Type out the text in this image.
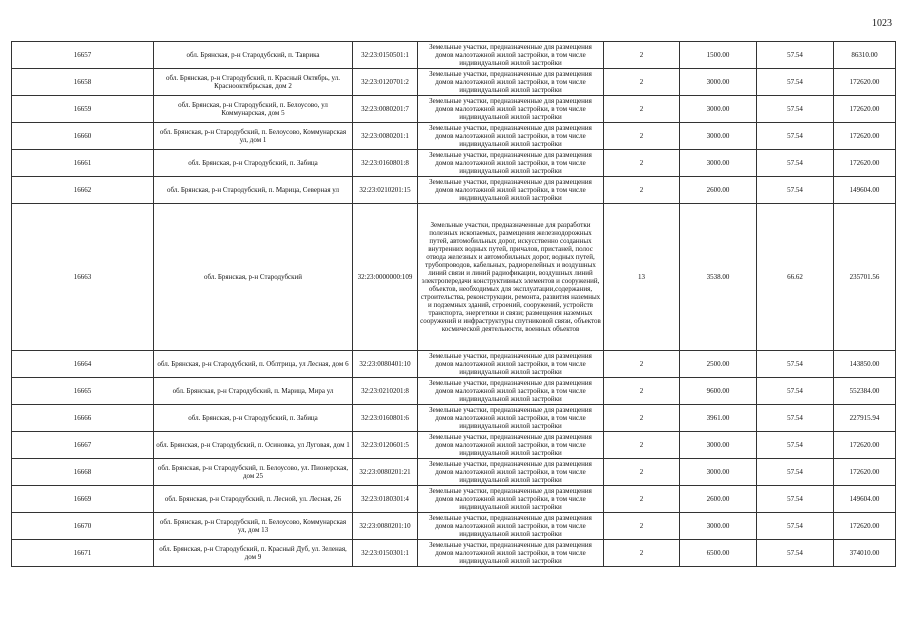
1023
16657	обл. Брянская, р-н Стародубский, п. Таврика	32:23:0150501:1	Земельные участки, предназначенные для размещения домов малоэтажной жилой застройки, в том числе индивидуальной жилой застройки	2	1500.00	57.54	86310.00
16658	обл. Брянская, р-н Стародубский, п. Красный Октябрь, ул. Краснооктябрьская, дом 2	32:23:0120701:2	Земельные участки, предназначенные для размещения домов малоэтажной жилой застройки, в том числе индивидуальной жилой застройки	2	3000.00	57.54	172620.00
16659	обл. Брянская, р-н Стародубский, п. Белоусово, ул Коммунарская, дом 5	32:23:0080201:7	Земельные участки, предназначенные для размещения домов малоэтажной жилой застройки, в том числе индивидуальной жилой застройки	2	3000.00	57.54	172620.00
16660	обл. Брянская, р-н Стародубский, п. Белоусово, Коммунарская ул, дом 1	32:23:0080201:1	Земельные участки, предназначенные для размещения домов малоэтажной жилой застройки, в том числе индивидуальной жилой застройки	2	3000.00	57.54	172620.00
16661	обл. Брянская, р-н Стародубский, п. Забица	32:23:0160801:8	Земельные участки, предназначенные для размещения домов малоэтажной жилой застройки, в том числе индивидуальной жилой застройки	2	3000.00	57.54	172620.00
16662	обл. Брянская, р-н Стародубский, п. Марица, Северная ул	32:23:0210201:15	Земельные участки, предназначенные для размещения домов малоэтажной жилой застройки, в том числе индивидуальной жилой застройки	2	2600.00	57.54	149604.00
16663	обл. Брянская, р-н Стародубский	32:23:0000000:109	Земельные участки, предназначенные для разработки полезных ископаемых, размещения железнодорожных путей, автомобильных дорог, искусственно созданных внутренних водных путей, причалов, пристаней, полос отвода железных и автомобильных дорог, водных путей, трубопроводов, кабельных, радиорелейных и воздушных линий связи и линий радиофикации, воздушных линий электропередачи конструктивных элементов и сооружений, объектов, необходимых для эксплуатации,содержания, строительства, реконструкции, ремонта, развития наземных и подземных зданий, строений, сооружений, устройств транспорта, энергетики и связи; размещения наземных сооружений и инфраструктуры спутниковой связи, объектов космической деятельности, военных объектов	13	3538.00	66.62	235701.56
16664	обл. Брянская, р-н Стародубский, п. Облтрица, ул Лесная, дом 6	32:23:0080401:10	Земельные участки, предназначенные для размещения домов малоэтажной жилой застройки, в том числе индивидуальной жилой застройки	2	2500.00	57.54	143850.00
16665	обл. Брянская, р-н Стародубский, п. Марица, Мира ул	32:23:0210201:8	Земельные участки, предназначенные для размещения домов малоэтажной жилой застройки, в том числе индивидуальной жилой застройки	2	9600.00	57.54	552384.00
16666	обл. Брянская, р-н Стародубский, п. Забица	32:23:0160801:6	Земельные участки, предназначенные для размещения домов малоэтажной жилой застройки, в том числе индивидуальной жилой застройки	2	3961.00	57.54	227915.94
16667	обл. Брянская, р-н Стародубский, п. Осиновка, ул Луговая, дом 1	32:23:0120601:5	Земельные участки, предназначенные для размещения домов малоэтажной жилой застройки, в том числе индивидуальной жилой застройки	2	3000.00	57.54	172620.00
16668	обл. Брянская, р-н Стародубский, п. Белоусово, ул. Пионерская, дом 25	32:23:0080201:21	Земельные участки, предназначенные для размещения домов малоэтажной жилой застройки, в том числе индивидуальной жилой застройки	2	3000.00	57.54	172620.00
16669	обл. Брянская, р-н Стародубский, п. Лесной, ул. Лесная, 26	32:23:0180301:4	Земельные участки, предназначенные для размещения домов малоэтажной жилой застройки, в том числе индивидуальной жилой застройки	2	2600.00	57.54	149604.00
16670	обл. Брянская, р-н Стародубский, п. Белоусово, Коммунарская ул, дом 13	32:23:0080201:10	Земельные участки, предназначенные для размещения домов малоэтажной жилой застройки, в том числе индивидуальной жилой застройки	2	3000.00	57.54	172620.00
16671	обл. Брянская, р-н Стародубский, п. Красный Дуб, ул. Зеленая, дом 9	32:23:0150301:1	Земельные участки, предназначенные для размещения домов малоэтажной жилой застройки, в том числе индивидуальной жилой застройки	2	6500.00	57.54	374010.00
